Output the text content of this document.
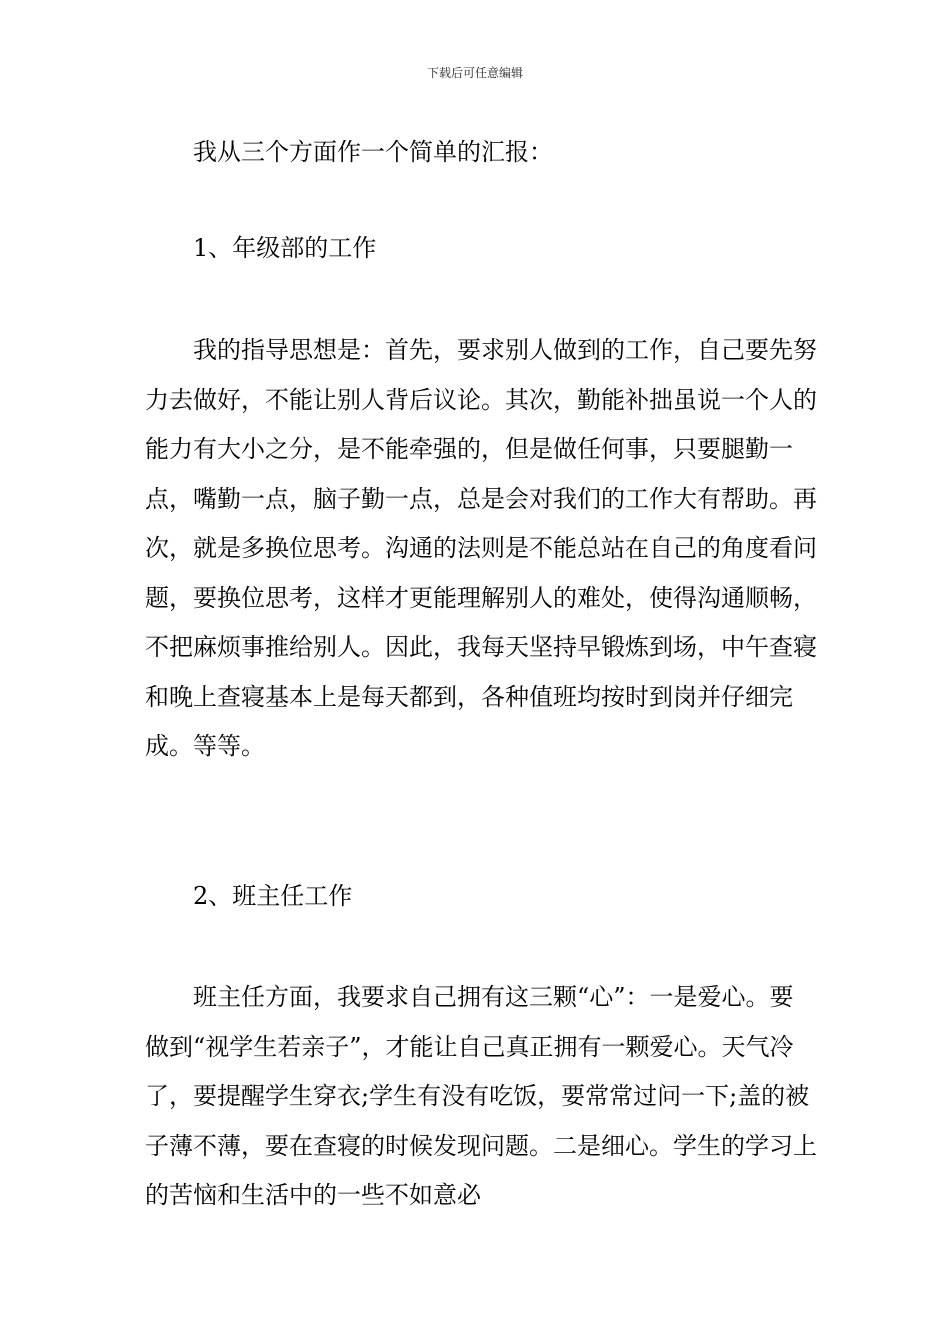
下载后可任意编辑

我从三个方面作一个简单的汇报：

1、年级部的工作

我的指导思想是：首先，要求别人做到的工作，自己要先努力去做好，不能让别人背后议论。其次，勤能补拙虽说一个人的能力有大小之分，是不能牵强的，但是做任何事，只要腿勤一点，嘴勤一点，脑子勤一点，总是会对我们的工作大有帮助。再次，就是多换位思考。沟通的法则是不能总站在自己的角度看问题，要换位思考，这样才更能理解别人的难处，使得沟通顺畅，不把麻烦事推给别人。因此，我每天坚持早锻炼到场，中午查寝和晚上查寝基本上是每天都到，各种值班均按时到岗并仔细完成。等等。

2、班主任工作

班主任方面，我要求自己拥有这三颗“心”：一是爱心。要做到“视学生若亲子”，才能让自己真正拥有一颗爱心。天气冷了，要提醒学生穿衣;学生有没有吃饭，要常常过问一下;盖的被子薄不薄，要在查寝的时候发现问题。二是细心。学生的学习上的苦恼和生活中的一些不如意必
